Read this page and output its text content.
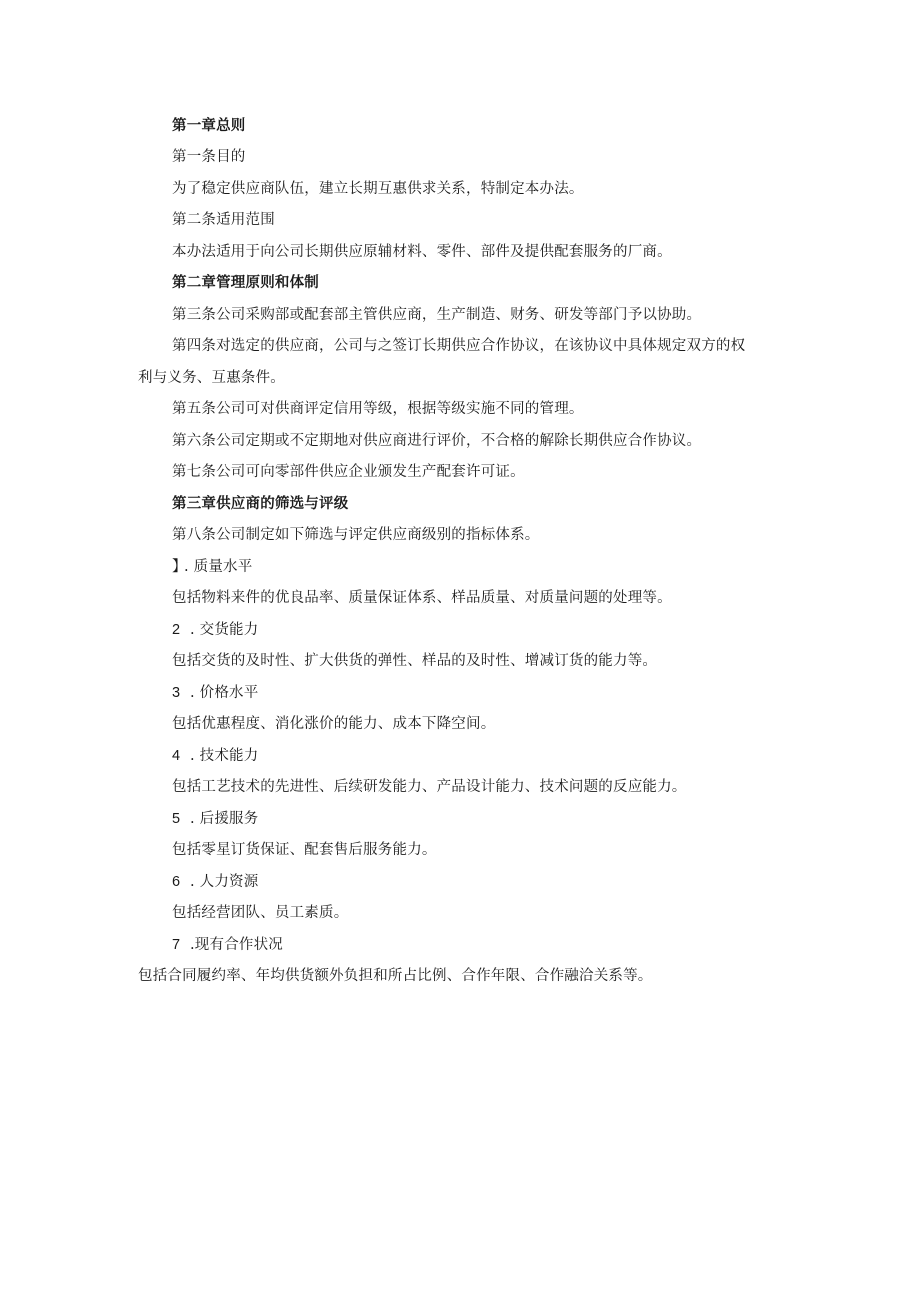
第一章总则
第一条目的
为了稳定供应商队伍，建立长期互惠供求关系，特制定本办法。
第二条适用范围
本办法适用于向公司长期供应原辅材料、零件、部件及提供配套服务的厂商。
第二章管理原则和体制
第三条公司采购部或配套部主管供应商，生产制造、财务、研发等部门予以协助。
第四条对选定的供应商，公司与之签订长期供应合作协议，在该协议中具体规定双方的权
利与义务、互惠条件。
第五条公司可对供商评定信用等级，根据等级实施不同的管理。
第六条公司定期或不定期地对供应商进行评价，不合格的解除长期供应合作协议。
第七条公司可向零部件供应企业颁发生产配套许可证。
第三章供应商的筛选与评级
第八条公司制定如下筛选与评定供应商级别的指标体系。
】. 质量水平
包括物料来件的优良品率、质量保证体系、样品质量、对质量问题的处理等。
2 . 交货能力
包括交货的及时性、扩大供货的弹性、样品的及时性、增减订货的能力等。
3 . 价格水平
包括优惠程度、消化涨价的能力、成本下降空间。
4 . 技术能力
包括工艺技术的先进性、后续研发能力、产品设计能力、技术问题的反应能力。
5 . 后援服务
包括零星订货保证、配套售后服务能力。
6 . 人力资源
包括经营团队、员工素质。
7 .现有合作状况
包括合同履约率、年均供货额外负担和所占比例、合作年限、合作融洽关系等。
